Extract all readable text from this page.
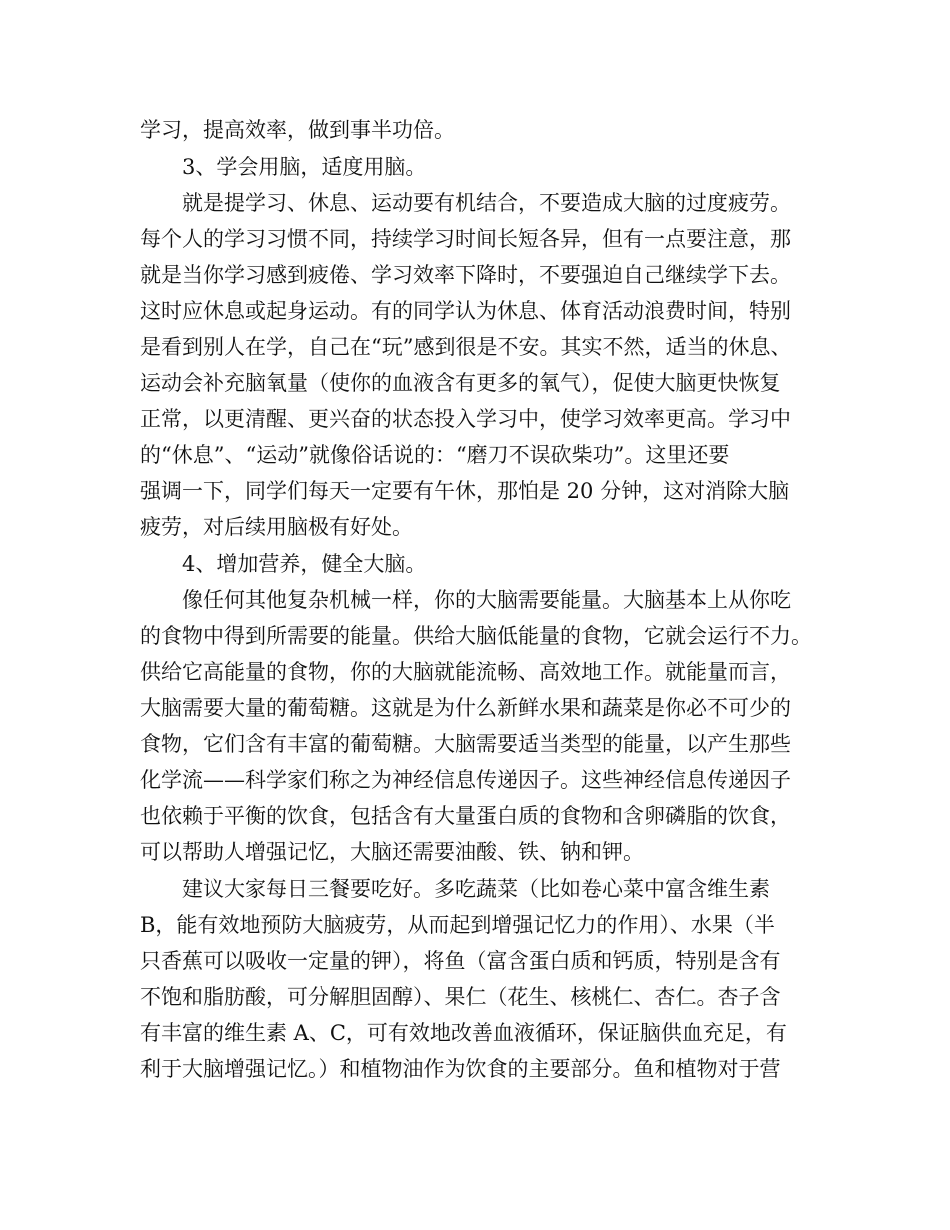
学习，提高效率，做到事半功倍。
3、学会用脑，适度用脑。
就是提学习、休息、运动要有机结合，不要造成大脑的过度疲劳。
每个人的学习习惯不同，持续学习时间长短各异，但有一点要注意，那
就是当你学习感到疲倦、学习效率下降时，不要强迫自己继续学下去。
这时应休息或起身运动。有的同学认为休息、体育活动浪费时间，特别
是看到别人在学，自己在“玩”感到很是不安。其实不然，适当的休息、
运动会补充脑氧量（使你的血液含有更多的氧气），促使大脑更快恢复
正常，以更清醒、更兴奋的状态投入学习中，使学习效率更高。学习中
的“休息”、“运动”就像俗话说的：“磨刀不误砍柴功”。这里还要
强调一下，同学们每天一定要有午休，那怕是 20 分钟，这对消除大脑
疲劳，对后续用脑极有好处。
4、增加营养，健全大脑。
像任何其他复杂机械一样，你的大脑需要能量。大脑基本上从你吃
的食物中得到所需要的能量。供给大脑低能量的食物，它就会运行不力。
供给它高能量的食物，你的大脑就能流畅、高效地工作。就能量而言，
大脑需要大量的葡萄糖。这就是为什么新鲜水果和蔬菜是你必不可少的
食物，它们含有丰富的葡萄糖。大脑需要适当类型的能量，以产生那些
化学流——科学家们称之为神经信息传递因子。这些神经信息传递因子
也依赖于平衡的饮食，包括含有大量蛋白质的食物和含卵磷脂的饮食，
可以帮助人增强记忆，大脑还需要油酸、铁、钠和钾。
建议大家每日三餐要吃好。多吃蔬菜（比如卷心菜中富含维生素
B，能有效地预防大脑疲劳，从而起到增强记忆力的作用）、水果（半
只香蕉可以吸收一定量的钾），将鱼（富含蛋白质和钙质，特别是含有
不饱和脂肪酸，可分解胆固醇）、果仁（花生、核桃仁、杏仁。杏子含
有丰富的维生素 A、C，可有效地改善血液循环，保证脑供血充足，有
利于大脑增强记忆。）和植物油作为饮食的主要部分。鱼和植物对于营
